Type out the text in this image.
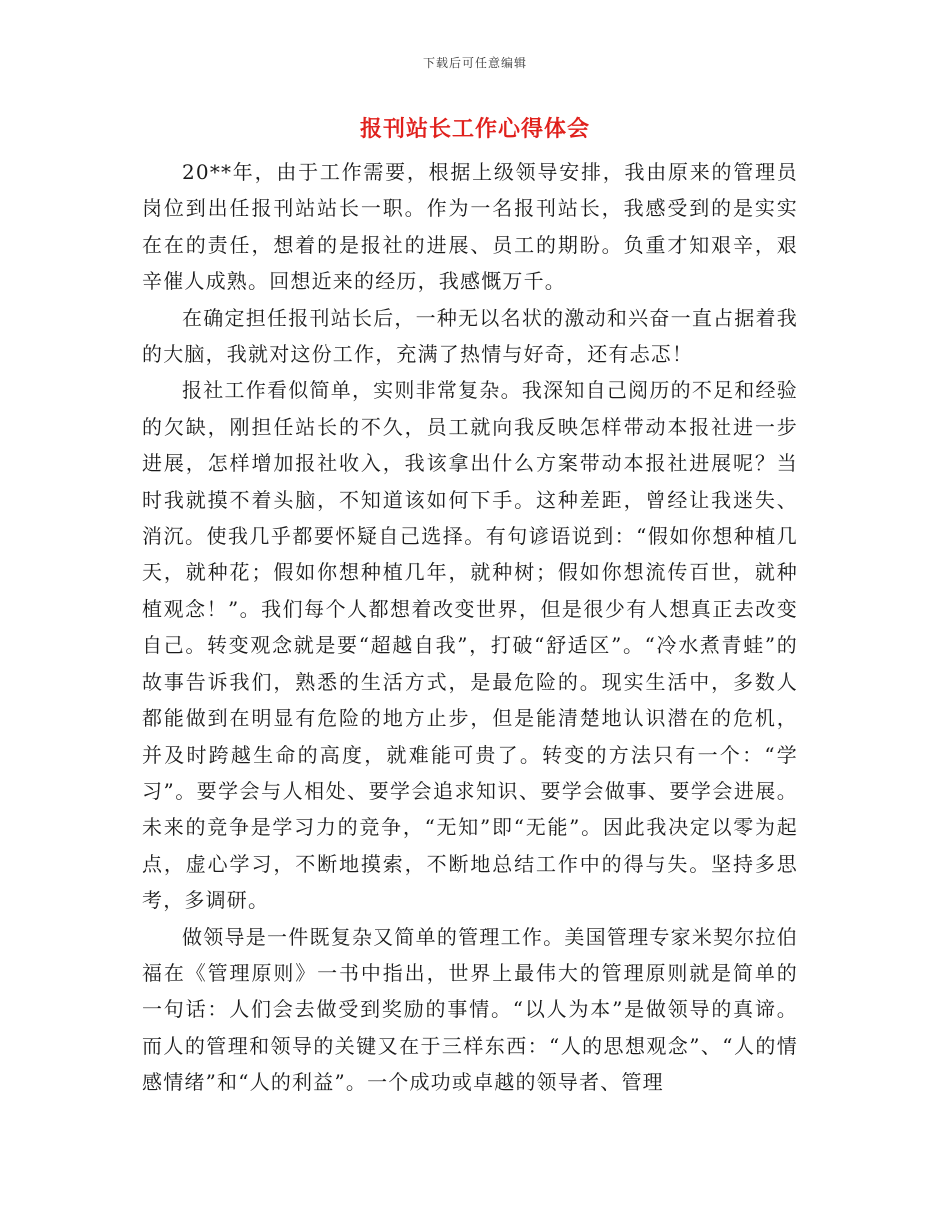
下载后可任意编辑
报刊站长工作心得体会

20**年，由于工作需要，根据上级领导安排，我由原来的管理员岗位到出任报刊站站长一职。作为一名报刊站长，我感受到的是实实在在的责任，想着的是报社的进展、员工的期盼。负重才知艰辛，艰辛催人成熟。回想近来的经历，我感慨万千。

在确定担任报刊站长后，一种无以名状的激动和兴奋一直占据着我的大脑，我就对这份工作，充满了热情与好奇，还有忐忑！

报社工作看似简单，实则非常复杂。我深知自己阅历的不足和经验的欠缺，刚担任站长的不久，员工就向我反映怎样带动本报社进一步进展，怎样增加报社收入，我该拿出什么方案带动本报社进展呢？当时我就摸不着头脑，不知道该如何下手。这种差距，曾经让我迷失、消沉。使我几乎都要怀疑自己选择。有句谚语说到：“假如你想种植几天，就种花；假如你想种植几年，就种树；假如你想流传百世，就种植观念！”。我们每个人都想着改变世界，但是很少有人想真正去改变自己。转变观念就是要“超越自我”，打破“舒适区”。“冷水煮青蛙”的故事告诉我们，熟悉的生活方式，是最危险的。现实生活中，多数人都能做到在明显有危险的地方止步，但是能清楚地认识潜在的危机，并及时跨越生命的高度，就难能可贵了。转变的方法只有一个：“学习”。要学会与人相处、要学会追求知识、要学会做事、要学会进展。未来的竞争是学习力的竞争，“无知”即“无能”。因此我决定以零为起点，虚心学习，不断地摸索，不断地总结工作中的得与失。坚持多思考，多调研。

做领导是一件既复杂又简单的管理工作。美国管理专家米契尔拉伯福在《管理原则》一书中指出，世界上最伟大的管理原则就是简单的一句话：人们会去做受到奖励的事情。“以人为本”是做领导的真谛。而人的管理和领导的关键又在于三样东西：“人的思想观念”、“人的情感情绪”和“人的利益”。一个成功或卓越的领导者、管理
